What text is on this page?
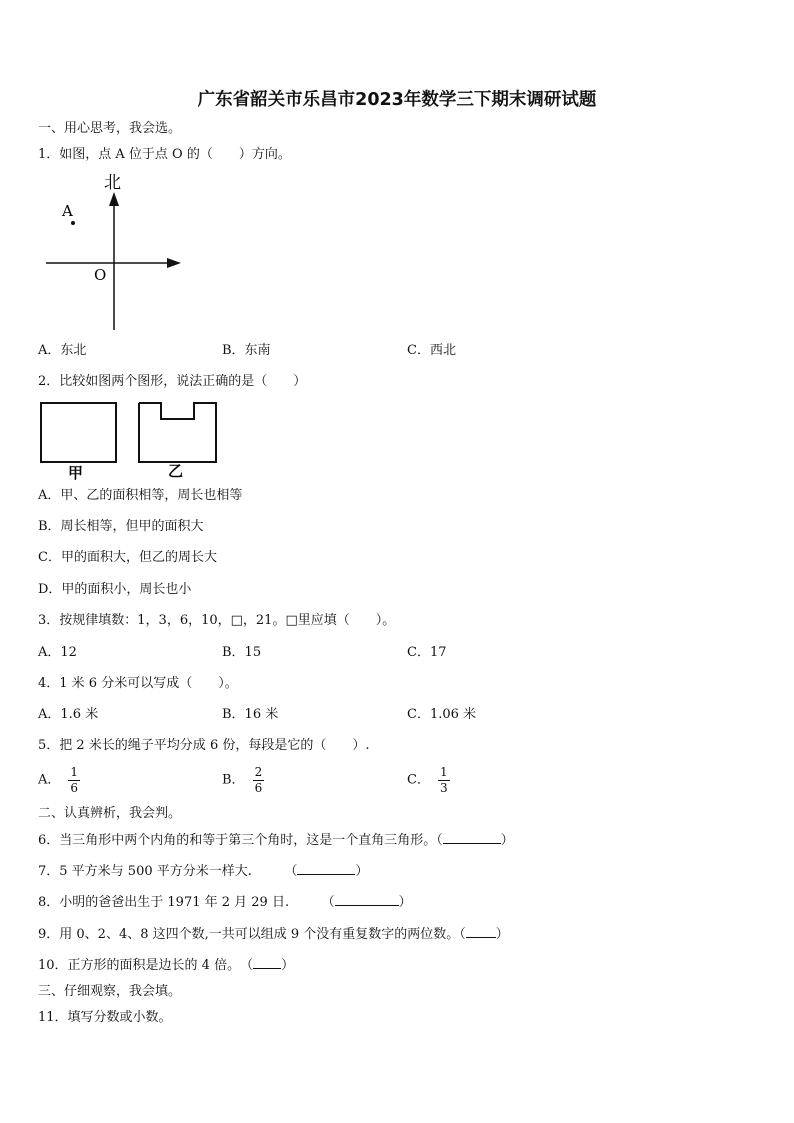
广东省韶关市乐昌市2023年数学三下期末调研试题
一、用心思考，我会选。
1．如图，点 A 位于点 O 的（　　）方向。
A
O
北
A．东北	B．东南	C．西北
2．比较如图两个图形，说法正确的是（　　）
甲	乙
A．甲、乙的面积相等，周长也相等
B．周长相等，但甲的面积大
C．甲的面积大，但乙的周长大
D．甲的面积小，周长也小
3．按规律填数：1，3，6，10，□，21。□里应填（　　）。
A．12	B．15	C．17
4．1 米 6 分米可以写成（　　）。
A．1.6 米	B．16 米	C．1.06 米
5．把 2 米长的绳子平均分成 6 份，每段是它的（　　）.
A． $\frac{1}{6}$	B． $\frac{2}{6}$	C． $\frac{1}{3}$
二、认真辨析，我会判。
6．当三角形中两个内角的和等于第三个角时，这是一个直角三角形。（	）
7．5 平方米与 500 平方分米一样大.　　　（	）
8．小明的爸爸出生于 1971 年 2 月 29 日.　　　（	）
9．用 0、2、4、8 这四个数,一共可以组成 9 个没有重复数字的两位数。（ ）
10．正方形的面积是边长的 4 倍。　（ ）
三、仔细观察，我会填。
11．填写分数或小数。
